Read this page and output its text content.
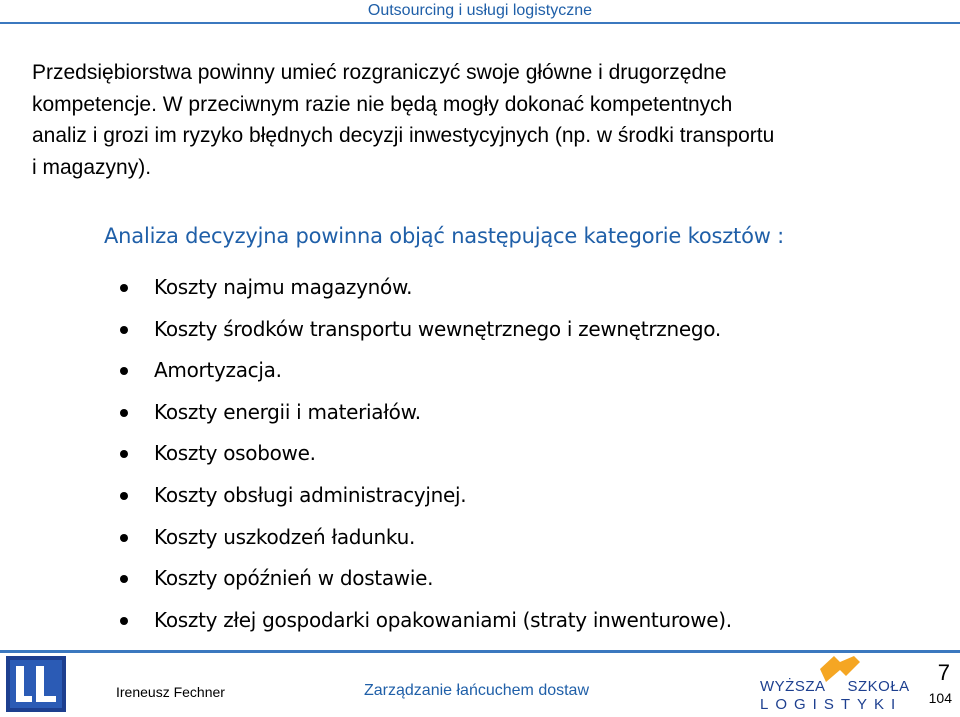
Outsourcing i usługi logistyczne
Przedsiębiorstwa powinny umieć rozgraniczyć swoje główne i drugorzędne
kompetencje. W przeciwnym razie nie będą mogły dokonać kompetentnych
analiz i grozi im ryzyko błędnych decyzji inwestycyjnych (np. w środki transportu
i magazyny).
Analiza decyzyjna powinna objąć następujące kategorie kosztów :
Koszty najmu magazynów.
Koszty środków transportu wewnętrznego i zewnętrznego.
Amortyzacja.
Koszty energii i materiałów.
Koszty osobowe.
Koszty obsługi administracyjnej.
Koszty uszkodzeń ładunku.
Koszty opóźnień w dostawie.
Koszty złej gospodarki opakowaniami (straty inwenturowe).
Ireneusz Fechner	Zarządzanie łańcuchem dostaw	WYŻSZA SZKOŁA
LOGISTYKI
7
104
